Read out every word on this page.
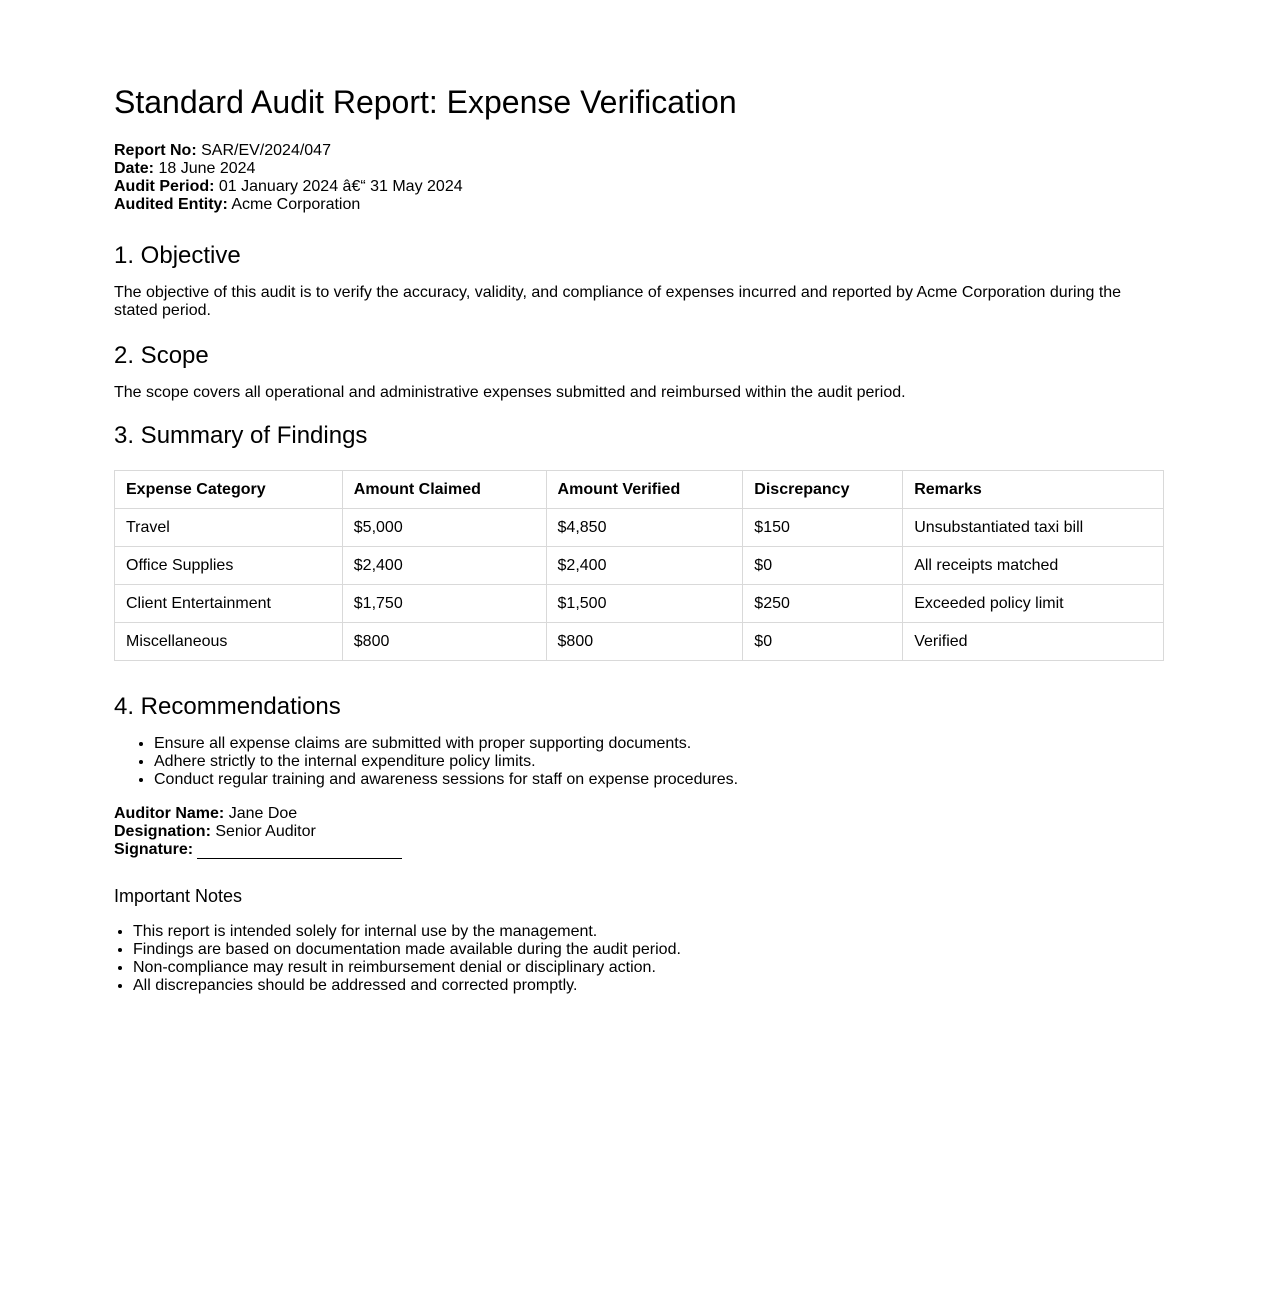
Standard Audit Report: Expense Verification
Report No: SAR/EV/2024/047
Date: 18 June 2024
Audit Period: 01 January 2024 â€“ 31 May 2024
Audited Entity: Acme Corporation
1. Objective

The objective of this audit is to verify the accuracy, validity, and compliance of expenses incurred and reported by Acme Corporation during the stated period.

2. Scope

The scope covers all operational and administrative expenses submitted and reimbursed within the audit period.

3. Summary of Findings
Expense Category	Amount Claimed	Amount Verified	Discrepancy	Remarks
Travel	$5,000	$4,850	$150	Unsubstantiated taxi bill
Office Supplies	$2,400	$2,400	$0	All receipts matched
Client Entertainment	$1,750	$1,500	$250	Exceeded policy limit
Miscellaneous	$800	$800	$0	Verified
4. Recommendations
• Ensure all expense claims are submitted with proper supporting documents.
• Adhere strictly to the internal expenditure policy limits.
• Conduct regular training and awareness sessions for staff on expense procedures.
Auditor Name: Jane Doe
Designation: Senior Auditor
Signature:
Important Notes
• This report is intended solely for internal use by the management.
• Findings are based on documentation made available during the audit period.
• Non-compliance may result in reimbursement denial or disciplinary action.
• All discrepancies should be addressed and corrected promptly.
